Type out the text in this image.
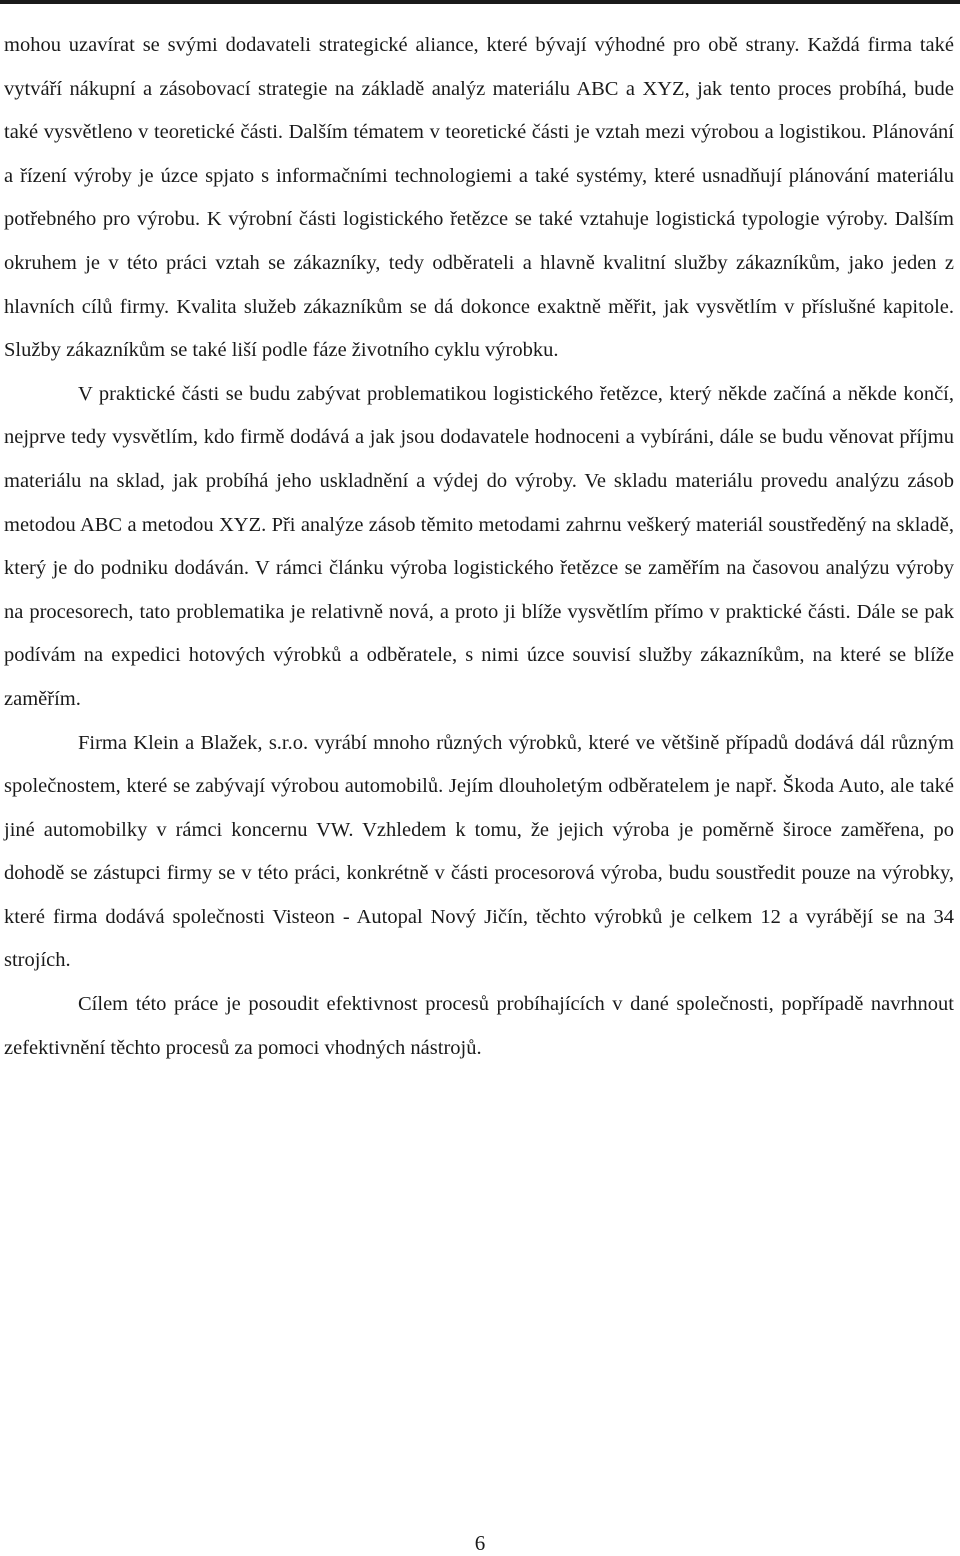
mohou uzavírat se svými dodavateli strategické aliance, které bývají výhodné pro obě strany. Každá firma také vytváří nákupní a zásobovací strategie na základě analýz materiálu ABC a XYZ, jak tento proces probíhá, bude také vysvětleno v teoretické části. Dalším tématem v teoretické části je vztah mezi výrobou a logistikou. Plánování a řízení výroby je úzce spjato s informačními technologiemi a také systémy, které usnadňují plánování materiálu potřebného pro výrobu. K výrobní části logistického řetězce se také vztahuje logistická typologie výroby. Dalším okruhem je v této práci vztah se zákazníky, tedy odběrateli a hlavně kvalitní služby zákazníkům, jako jeden z hlavních cílů firmy. Kvalita služeb zákazníkům se dá dokonce exaktně měřit, jak vysvětlím v příslušné kapitole. Služby zákazníkům se také liší podle fáze životního cyklu výrobku.

V praktické části se budu zabývat problematikou logistického řetězce, který někde začíná a někde končí, nejprve tedy vysvětlím, kdo firmě dodává a jak jsou dodavatele hodnoceni a vybíráni, dále se budu věnovat příjmu materiálu na sklad, jak probíhá jeho uskladnění a výdej do výroby. Ve skladu materiálu provedu analýzu zásob metodou ABC a metodou XYZ. Při analýze zásob těmito metodami zahrnu veškerý materiál soustředěný na skladě, který je do podniku dodáván. V rámci článku výroba logistického řetězce se zaměřím na časovou analýzu výroby na procesorech, tato problematika je relativně nová, a proto ji blíže vysvětlím přímo v praktické části. Dále se pak podívám na expedici hotových výrobků a odběratele, s nimi úzce souvisí služby zákazníkům, na které se blíže zaměřím.

Firma Klein a Blažek, s.r.o. vyrábí mnoho různých výrobků, které ve většině případů dodává dál různým společnostem, které se zabývají výrobou automobilů. Jejím dlouholetým odběratelem je např. Škoda Auto, ale také jiné automobilky v rámci koncernu VW. Vzhledem k tomu, že jejich výroba je poměrně široce zaměřena, po dohodě se zástupci firmy se v této práci, konkrétně v části procesorová výroba, budu soustředit pouze na výrobky, které firma dodává společnosti Visteon - Autopal Nový Jičín, těchto výrobků je celkem 12 a vyrábějí se na 34 strojích.

Cílem této práce je posoudit efektivnost procesů probíhajících v dané společnosti, popřípadě navrhnout zefektivnění těchto procesů za pomoci vhodných nástrojů.

6
